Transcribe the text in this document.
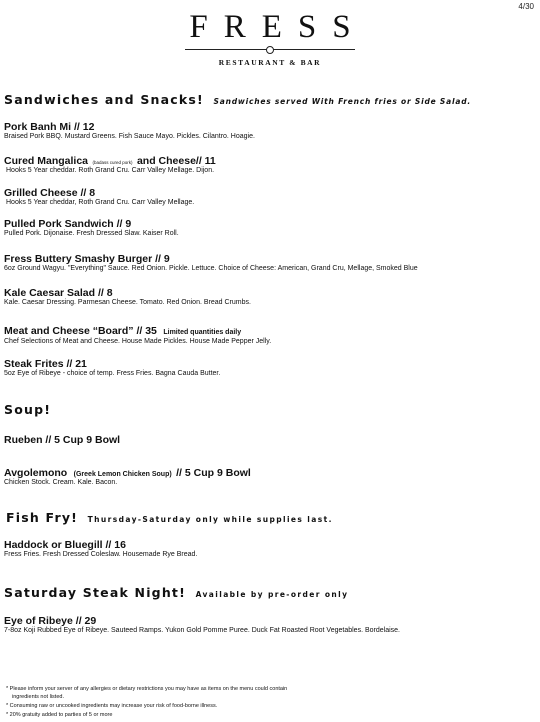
4/30
FRESS
RESTAURANT & BAR
Sandwiches and Snacks! Sandwiches served With French fries or Side Salad.
Pork Banh Mi // 12
Braised Pork BBQ. Mustard Greens. Fish Sauce Mayo. Pickles. Cilantro. Hoagie.
Cured Mangalica (badass cured pork) and Cheese// 11
Hooks 5 Year cheddar. Roth Grand Cru. Carr Valley Mellage. Dijon.
Grilled Cheese // 8
Hooks 5 Year cheddar, Roth Grand Cru. Carr Valley Mellage.
Pulled Pork Sandwich // 9
Pulled Pork. Dijonaise. Fresh Dressed Slaw. Kaiser Roll.
Fress Buttery Smashy Burger // 9
6oz Ground Wagyu. "Everything" Sauce. Red Onion. Pickle. Lettuce. Choice of Cheese: American, Grand Cru, Mellage, Smoked Blue
Kale Caesar Salad // 8
Kale. Caesar Dressing. Parmesan Cheese. Tomato. Red Onion. Bread Crumbs.
Meat and Cheese “Board” // 35 Limited quantities daily
Chef Selections of Meat and Cheese. House Made Pickles. House Made Pepper Jelly.
Steak Frites // 21
5oz Eye of Ribeye - choice of temp. Fress Fries. Bagna Cauda Butter.
Soup!
Rueben // 5 Cup 9 Bowl
Avgolemono (Greek Lemon Chicken Soup) // 5 Cup 9 Bowl
Chicken Stock. Cream. Kale. Bacon.
Fish Fry! Thursday-Saturday only while supplies last.
Haddock or Bluegill // 16
Fress Fries. Fresh Dressed Coleslaw. Housemade Rye Bread.
Saturday Steak Night! Available by pre-order only
Eye of Ribeye // 29
7-8oz Koji Rubbed Eye of Ribeye. Sauteed Ramps. Yukon Gold Pomme Puree. Duck Fat Roasted Root Vegetables. Bordelaise.
* Please inform your server of any allergies or dietary restrictions you may have as items on the menu could contain
ingredients not listed.
* Consuming raw or uncooked ingredients may increase your risk of food-borne illness.
* 20% gratuity added to parties of 5 or more
